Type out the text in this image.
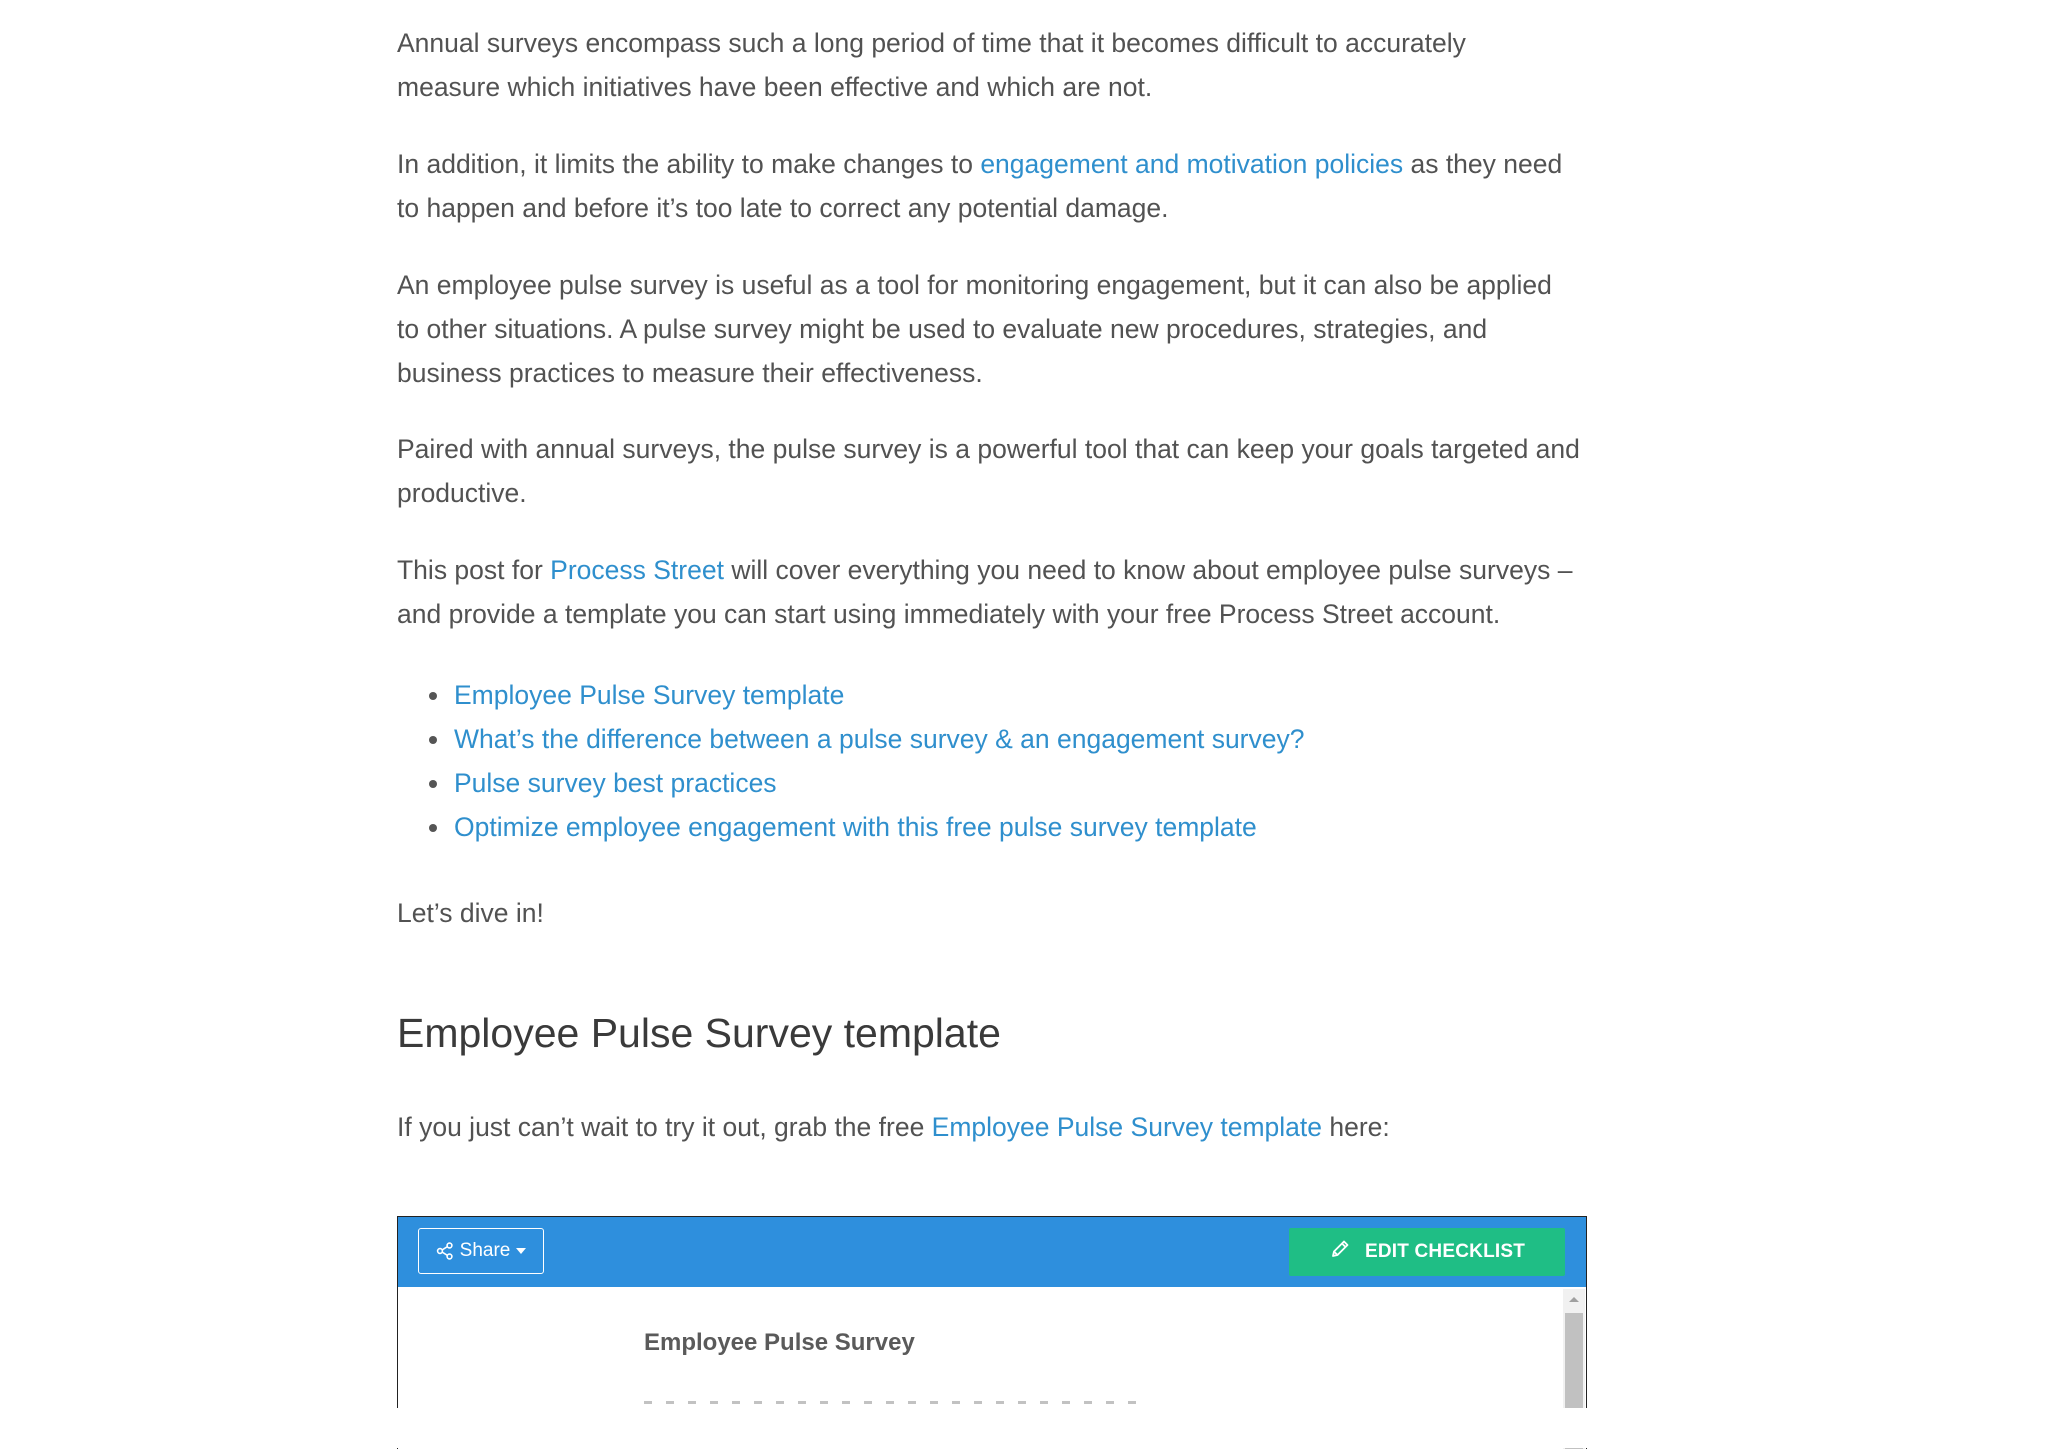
Annual surveys encompass such a long period of time that it becomes difficult to accurately measure which initiatives have been effective and which are not.

In addition, it limits the ability to make changes to engagement and motivation policies as they need to happen and before it’s too late to correct any potential damage.

An employee pulse survey is useful as a tool for monitoring engagement, but it can also be applied to other situations. A pulse survey might be used to evaluate new procedures, strategies, and business practices to measure their effectiveness.

Paired with annual surveys, the pulse survey is a powerful tool that can keep your goals targeted and productive.

This post for Process Street will cover everything you need to know about employee pulse surveys – and provide a template you can start using immediately with your free Process Street account.

Employee Pulse Survey template
What’s the difference between a pulse survey & an engagement survey?
Pulse survey best practices
Optimize employee engagement with this free pulse survey template

Let’s dive in!

Employee Pulse Survey template

If you just can’t wait to try it out, grab the free Employee Pulse Survey template here:

Share	EDIT CHECKLIST
Employee Pulse Survey
